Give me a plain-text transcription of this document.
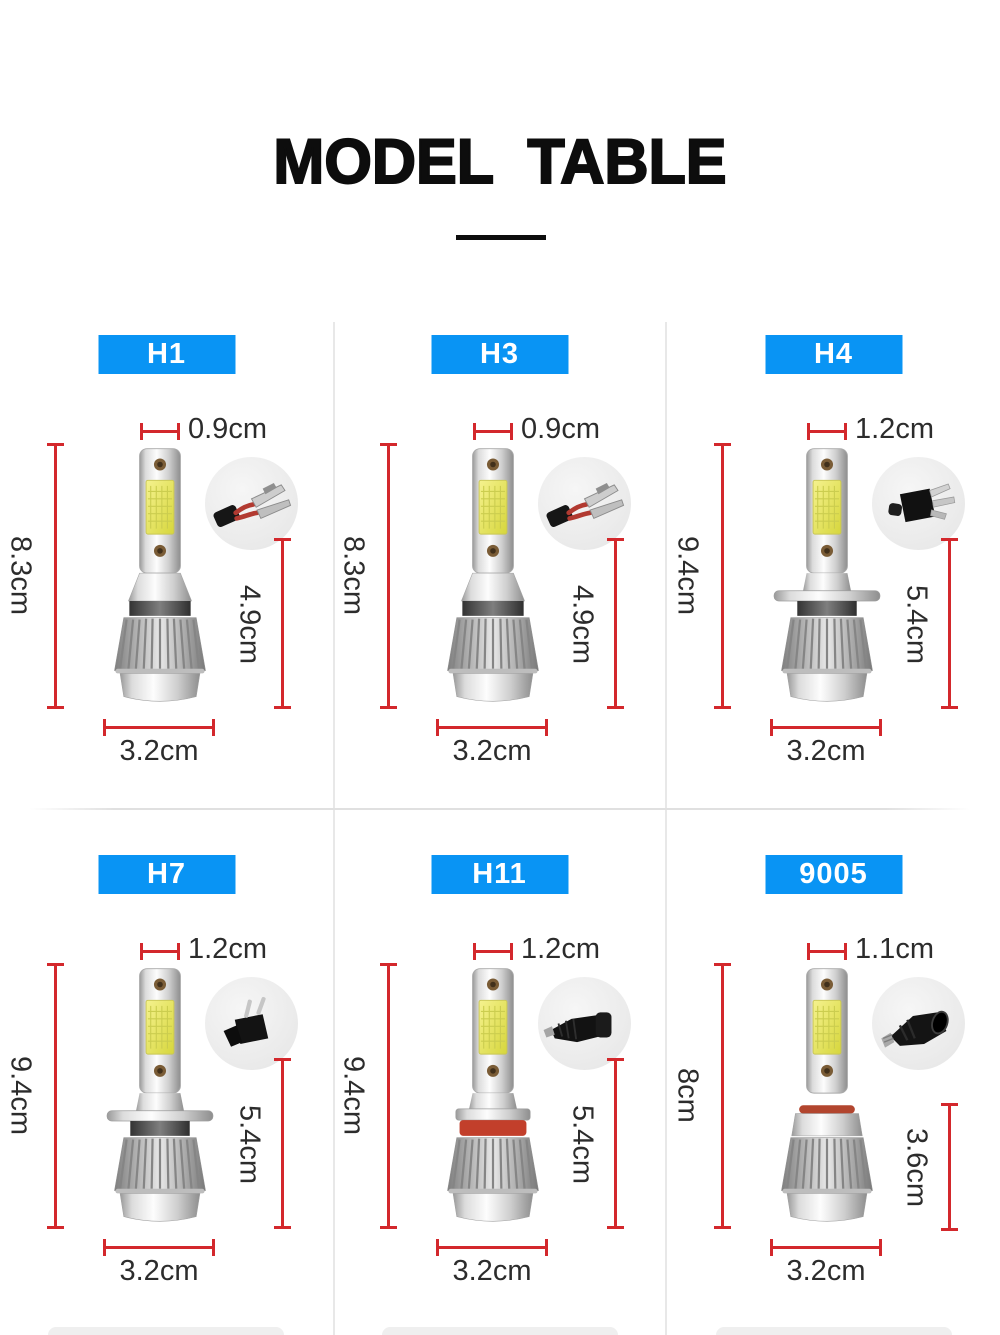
MODEL TABLE
H1
0.9cm
8.3cm
4.9cm
3.2cm
H3
0.9cm
8.3cm
4.9cm
3.2cm
H4
1.2cm
9.4cm
5.4cm
3.2cm
H7
1.2cm
9.4cm
5.4cm
3.2cm
H11
1.2cm
9.4cm
5.4cm
3.2cm
9005
1.1cm
8cm
3.6cm
3.2cm
